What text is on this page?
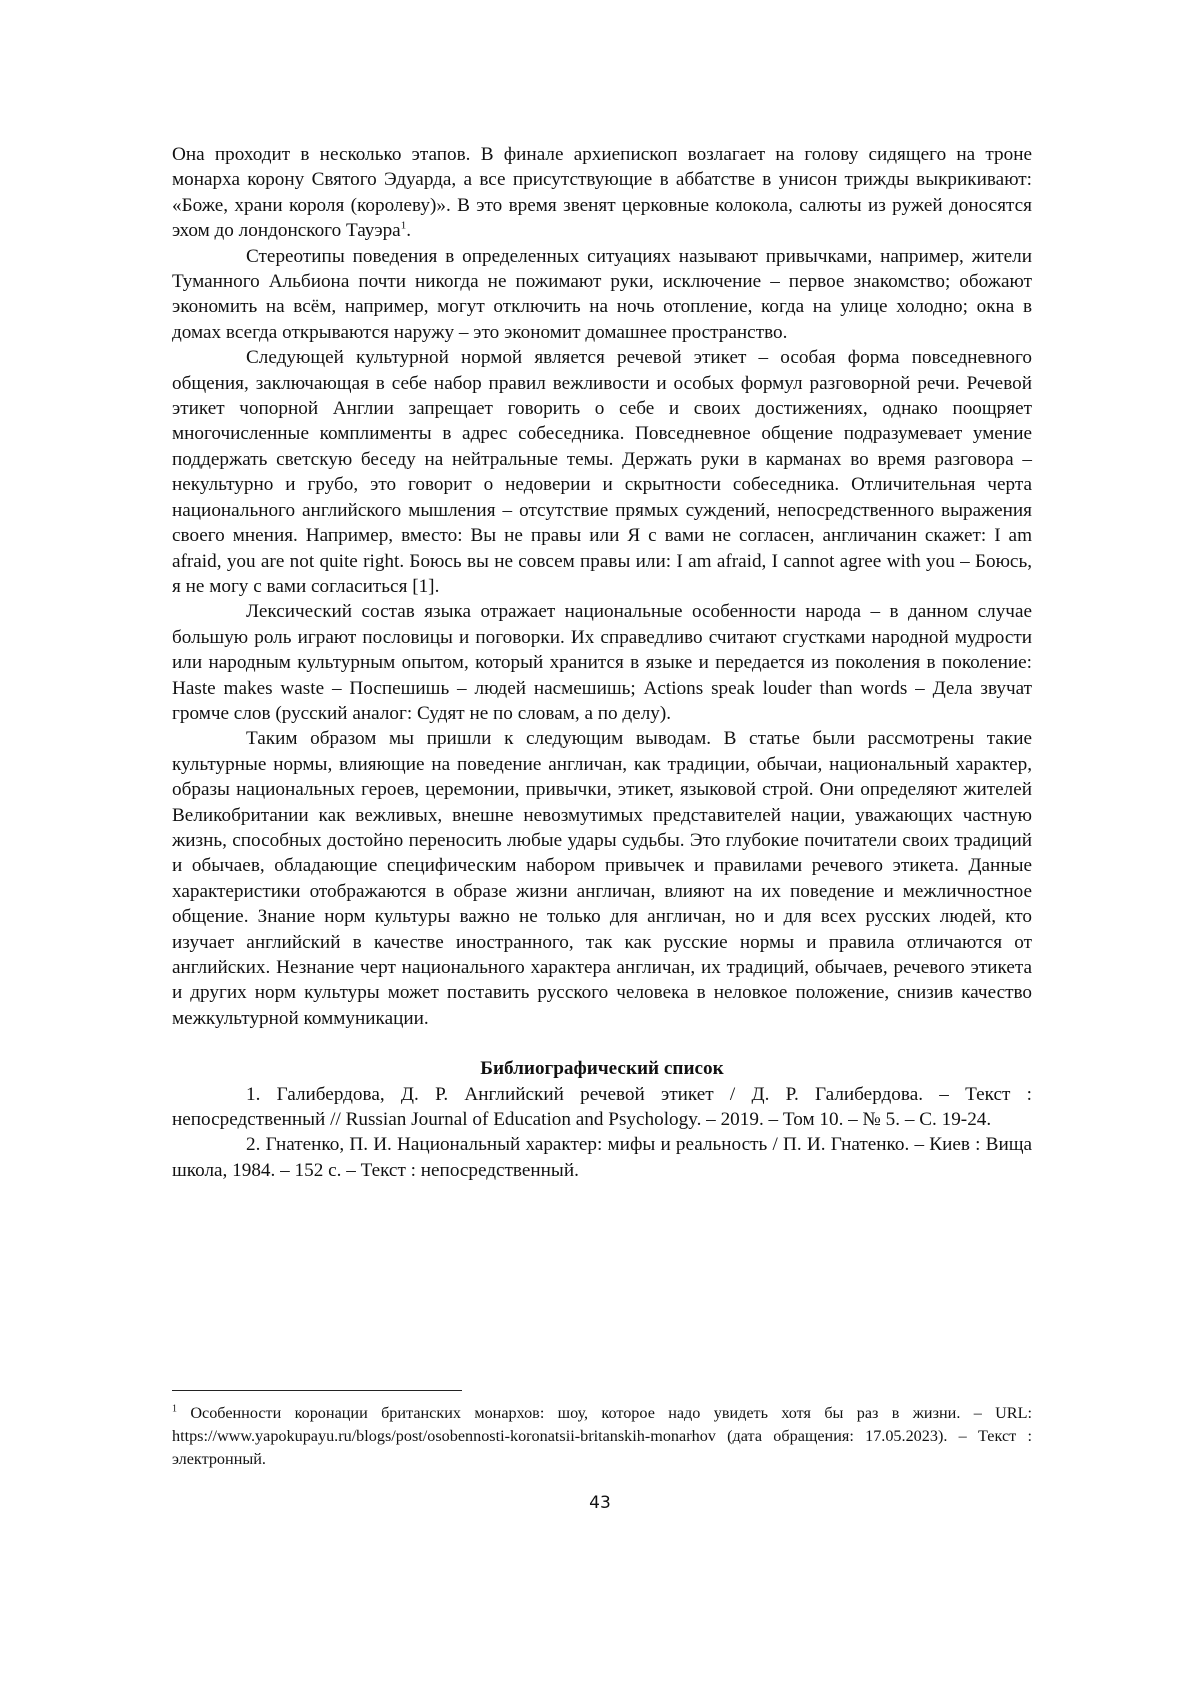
Она проходит в несколько этапов. В финале архиепископ возлагает на голову сидящего на троне монарха корону Святого Эдуарда, а все присутствующие в аббатстве в унисон трижды выкрикивают: «Боже, храни короля (королеву)». В это время звенят церковные колокола, салюты из ружей доносятся эхом до лондонского Тауэра$^1$.

Стереотипы поведения в определенных ситуациях называют привычками, например, жители Туманного Альбиона почти никогда не пожимают руки, исключение – первое знакомство; обожают экономить на всём, например, могут отключить на ночь отопление, когда на улице холодно; окна в домах всегда открываются наружу – это экономит домашнее пространство.

Следующей культурной нормой является речевой этикет – особая форма повседневного общения, заключающая в себе набор правил вежливости и особых формул разговорной речи. Речевой этикет чопорной Англии запрещает говорить о себе и своих достижениях, однако поощряет многочисленные комплименты в адрес собеседника. Повседневное общение подразумевает умение поддержать светскую беседу на нейтральные темы. Держать руки в карманах во время разговора – некультурно и грубо, это говорит о недоверии и скрытности собеседника. Отличительная черта национального английского мышления – отсутствие прямых суждений, непосредственного выражения своего мнения. Например, вместо: Вы не правы или Я с вами не согласен, англичанин скажет: I am afraid, you are not quite right. Боюсь вы не совсем правы или: I am afraid, I cannot agree with you – Боюсь, я не могу с вами согласиться [1].

Лексический состав языка отражает национальные особенности народа – в данном случае большую роль играют пословицы и поговорки. Их справедливо считают сгустками народной мудрости или народным культурным опытом, который хранится в языке и передается из поколения в поколение: Haste makes waste – Поспешишь – людей насмешишь; Actions speak louder than words – Дела звучат громче слов (русский аналог: Судят не по словам, а по делу).

Таким образом мы пришли к следующим выводам. В статье были рассмотрены такие культурные нормы, влияющие на поведение англичан, как традиции, обычаи, национальный характер, образы национальных героев, церемонии, привычки, этикет, языковой строй. Они определяют жителей Великобритании как вежливых, внешне невозмутимых представителей нации, уважающих частную жизнь, способных достойно переносить любые удары судьбы. Это глубокие почитатели своих традиций и обычаев, обладающие специфическим набором привычек и правилами речевого этикета. Данные характеристики отображаются в образе жизни англичан, влияют на их поведение и межличностное общение. Знание норм культуры важно не только для англичан, но и для всех русских людей, кто изучает английский в качестве иностранного, так как русские нормы и правила отличаются от английских. Незнание черт национального характера англичан, их традиций, обычаев, речевого этикета и других норм культуры может поставить русского человека в неловкое положение, снизив качество межкультурной коммуникации.

Библиографический список

1. Галибердова, Д. Р. Английский речевой этикет / Д. Р. Галибердова. – Текст : непосредственный // Russian Journal of Education and Psychology. – 2019. – Том 10. – № 5. – С. 19-24.

2. Гнатенко, П. И. Национальный характер: мифы и реальность / П. И. Гнатенко. – Киев : Вища школа, 1984. – 152 с. – Текст : непосредственный.

$^1$ Особенности коронации британских монархов: шоу, которое надо увидеть хотя бы раз в жизни. – URL: https://www.yapokupayu.ru/blogs/post/osobennosti-koronatsii-britanskih-monarhov (дата обращения: 17.05.2023). – Текст : электронный.

43
